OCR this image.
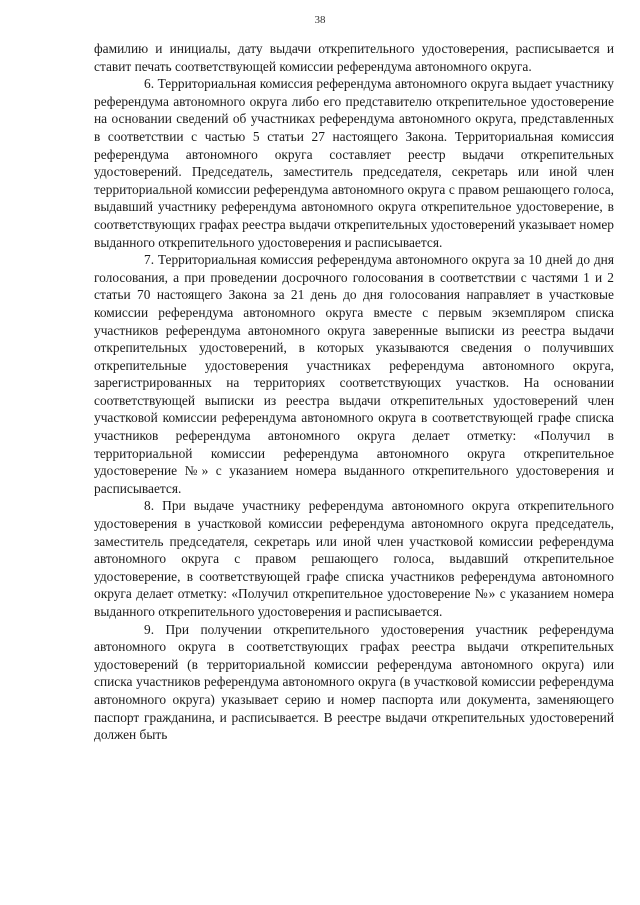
38

фамилию и инициалы, дату выдачи открепительного удостоверения, расписывается и ставит печать соответствующей комиссии референдума автономного округа.

6. Территориальная комиссия референдума автономного округа выдает участнику референдума автономного округа либо его представителю открепительное удостоверение на основании сведений об участниках референдума автономного округа, представленных в соответствии с частью 5 статьи 27 настоящего Закона. Территориальная комиссия референдума автономного округа составляет реестр выдачи открепительных удостоверений. Председатель, заместитель председателя, секретарь или иной член территориальной комиссии референдума автономного округа с правом решающего голоса, выдавший участнику референдума автономного округа открепительное удостоверение, в соответствующих графах реестра выдачи открепительных удостоверений указывает номер выданного открепительного удостоверения и расписывается.

7. Территориальная комиссия референдума автономного округа за 10 дней до дня голосования, а при проведении досрочного голосования в соответствии с частями 1 и 2 статьи 70 настоящего Закона за 21 день до дня голосования направляет в участковые комиссии референдума автономного округа вместе с первым экземпляром списка участников референдума автономного округа заверенные выписки из реестра выдачи открепительных удостоверений, в которых указываются сведения о получивших открепительные удостоверения участниках референдума автономного округа, зарегистрированных на территориях соответствующих участков. На основании соответствующей выписки из реестра выдачи открепительных удостоверений член участковой комиссии референдума автономного округа в соответствующей графе списка участников референдума автономного округа делает отметку: «Получил в территориальной комиссии референдума автономного округа открепительное удостоверение №» с указанием номера выданного открепительного удостоверения и расписывается.

8. При выдаче участнику референдума автономного округа открепительного удостоверения в участковой комиссии референдума автономного округа председатель, заместитель председателя, секретарь или иной член участковой комиссии референдума автономного округа с правом решающего голоса, выдавший открепительное удостоверение, в соответствующей графе списка участников референдума автономного округа делает отметку: «Получил открепительное удостоверение №» с указанием номера выданного открепительного удостоверения и расписывается.

9. При получении открепительного удостоверения участник референдума автономного округа в соответствующих графах реестра выдачи открепительных удостоверений (в территориальной комиссии референдума автономного округа) или списка участников референдума автономного округа (в участковой комиссии референдума автономного округа) указывает серию и номер паспорта или документа, заменяющего паспорт гражданина, и расписывается. В реестре выдачи открепительных удостоверений должен быть
